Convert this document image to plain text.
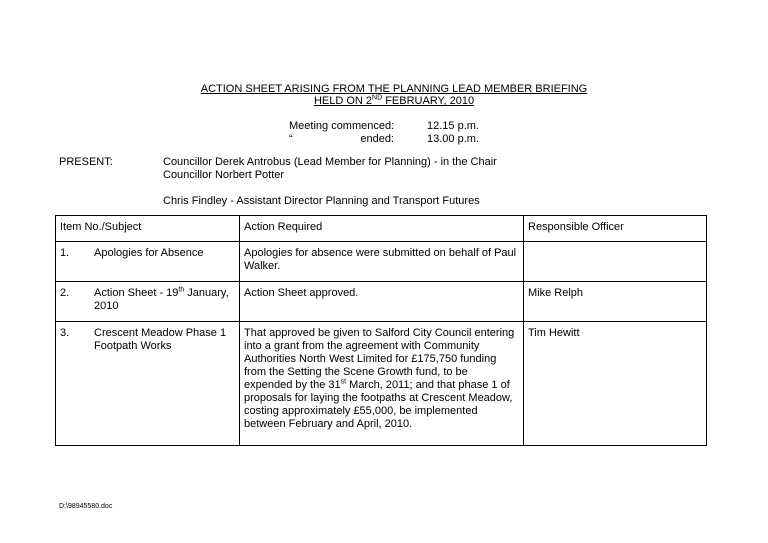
ACTION SHEET ARISING FROM THE PLANNING LEAD MEMBER BRIEFING
HELD ON 2ND FEBRUARY, 2010
Meeting commenced:	12.15 p.m.
“	ended:	13.00 p.m.
PRESENT:	Councillor Derek Antrobus (Lead Member for Planning) - in the Chair
Councillor Norbert Potter
Chris Findley - Assistant Director Planning and Transport Futures
Item No./Subject	Action Required	Responsible Officer
1. Apologies for Absence	Apologies for absence were submitted on behalf of Paul Walker.	
2. Action Sheet - 19th January, 2010	Action Sheet approved.	Mike Relph
3. Crescent Meadow Phase 1 Footpath Works	That approved be given to Salford City Council entering into a grant from the agreement with Community Authorities North West Limited for £175,750 funding from the Setting the Scene Growth fund, to be expended by the 31st March, 2011; and that phase 1 of proposals for laying the footpaths at Crescent Meadow, costing approximately £55,000, be implemented between February and April, 2010.	Tim Hewitt
D:\98945580.doc
